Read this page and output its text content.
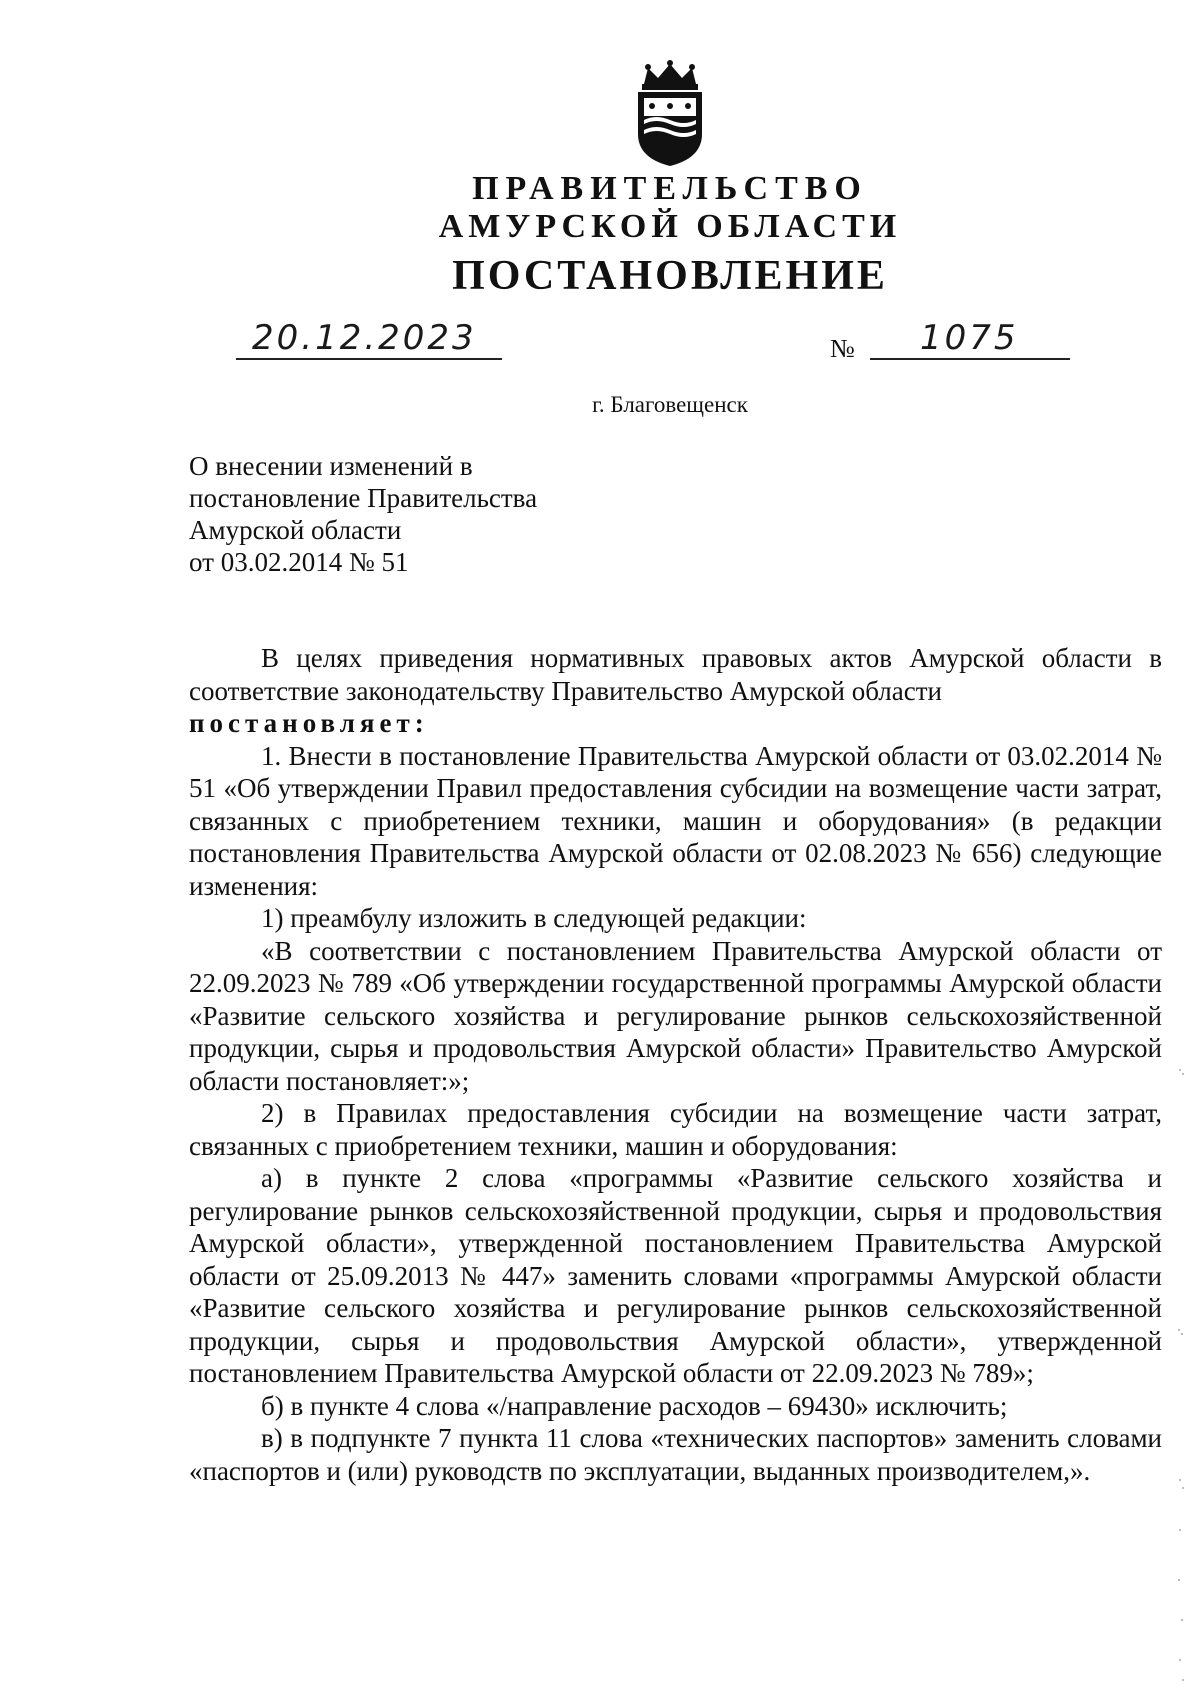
ПРАВИТЕЛЬСТВО
АМУРСКОЙ ОБЛАСТИ
ПОСТАНОВЛЕНИЕ
20.12.2023	№	1075
г. Благовещенск
О внесении изменений в
постановление Правительства
Амурской области
от 03.02.2014 № 51

В целях приведения нормативных правовых актов Амурской области в соответствие законодательству Правительство Амурской области

постановляет:

1. Внести в постановление Правительства Амурской области от 03.02.2014 № 51 «Об утверждении Правил предоставления субсидии на возмещение части затрат, связанных с приобретением техники, машин и оборудования» (в редакции постановления Правительства Амурской области от 02.08.2023 № 656) следующие изменения:

1) преамбулу изложить в следующей редакции:

«В соответствии с постановлением Правительства Амурской области от 22.09.2023 № 789 «Об утверждении государственной программы Амурской области «Развитие сельского хозяйства и регулирование рынков сельскохозяйственной продукции, сырья и продовольствия Амурской области» Правительство Амурской области постановляет:»;

2) в Правилах предоставления субсидии на возмещение части затрат, связанных с приобретением техники, машин и оборудования:

а) в пункте 2 слова «программы «Развитие сельского хозяйства и регулирование рынков сельскохозяйственной продукции, сырья и продовольствия Амурской области», утвержденной постановлением Правительства Амурской области от 25.09.2013 № 447» заменить словами «программы Амурской области «Развитие сельского хозяйства и регулирование рынков сельскохозяйственной продукции, сырья и продовольствия Амурской области», утвержденной постановлением Правительства Амурской области от 22.09.2023 № 789»;

б) в пункте 4 слова «/направление расходов – 69430» исключить;

в) в подпункте 7 пункта 11 слова «технических паспортов» заменить словами «паспортов и (или) руководств по эксплуатации, выданных производителем,».
